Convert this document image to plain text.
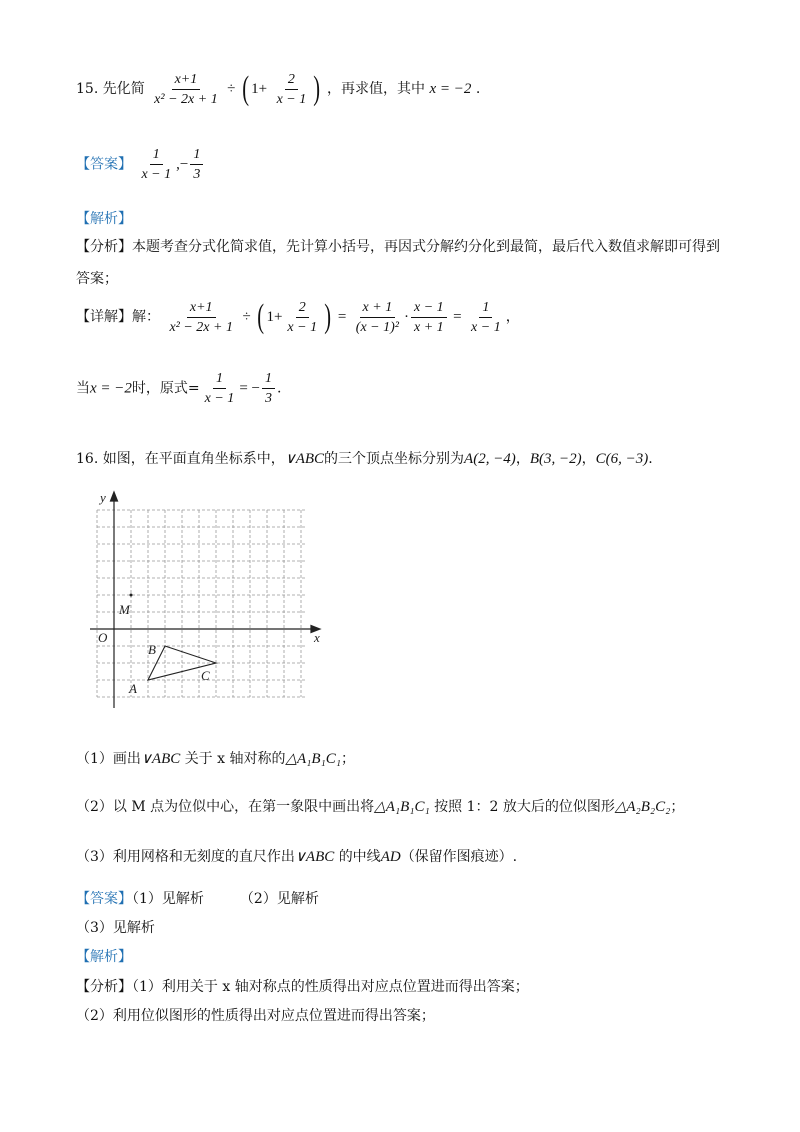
15. 先化简 $\frac{x+1}{\text{x² − 2x + 1}}$ ÷ ( $1+ \frac{2}{x - 1}$ ) ，再求值，其中 x = −2 .
【答案】 $\frac{1}{x - 1}$ ,− $\frac{1}{3}$
【解析】
【分析】本题考查分式化简求值，先计算小括号，再因式分解约分化到最简，最后代入数值求解即可得到
答案；
【详解】解： $\frac{x+1}{\text{x² − 2x + 1}}$ ÷ ( $1+ \frac{2}{x - 1}$ ) = $\frac{x + 1}{\text{(x − 1)²}} \cdot \frac{x - 1}{x + 1} = \frac{1}{x - 1}$ ，
当x = −2时，原式= $\frac{1}{x - 1}$ = − $\frac{1}{3}$ .
16. 如图，在平面直角坐标系中，∨ABC的三个顶点坐标分别为A(2, −4)，B(3, −2)，C(6, −3).
y
x
O
M
A
B
C
（1）画出∨ABC 关于 x 轴对称的△A₁B₁C₁；
（2）以 M 点为位似中心，在第一象限中画出将△A₁B₁C₁ 按照 1：2 放大后的位似图形△A₂B₂C₂；
（3）利用网格和无刻度的直尺作出∨ABC 的中线AD（保留作图痕迹）.
【答案】（1）见解析	（2）见解析
（3）见解析
【解析】
【分析】（1）利用关于 x 轴对称点的性质得出对应点位置进而得出答案；
（2）利用位似图形的性质得出对应点位置进而得出答案；
